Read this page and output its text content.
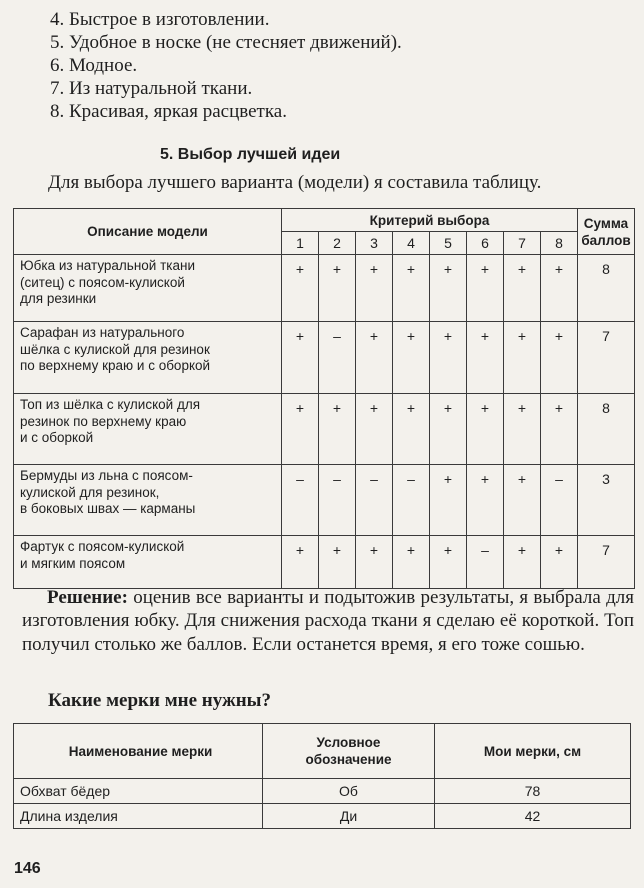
4. Быстрое в изготовлении.
5. Удобное в носке (не стесняет движений).
6. Модное.
7. Из натуральной ткани.
8. Красивая, яркая расцветка.
5. Выбор лучшей идеи
Для выбора лучшего варианта (модели) я составила таблицу.
Описание модели	Критерий выбора								Сумма
баллов
	1	2	3	4	5	6	7	8	
Юбка из натуральной ткани
(ситец) с поясом-кулиской
для резинки	+	+	+	+	+	+	+	+	8
Сарафан из натурального
шёлка с кулиской для резинок
по верхнему краю и с оборкой	+	–	+	+	+	+	+	+	7
Топ из шёлка с кулиской для
резинок по верхнему краю
и с оборкой	+	+	+	+	+	+	+	+	8
Бермуды из льна с поясом-
кулиской для резинок,
в боковых швах — карманы	–	–	–	–	+	+	+	–	3
Фартук с поясом-кулиской
и мягким поясом	+	+	+	+	+	–	+	+	7
Решение: оценив все варианты и подытожив результаты, я выбрала для изготовления юбку. Для снижения расхода ткани я сделаю её короткой. Топ получил столько же баллов. Если останется время, я его тоже сошью.
Какие мерки мне нужны?
Наименование мерки	Условное
обозначение	Мои мерки, см
Обхват бёдер	Об	78
Длина изделия	Ди	42
146
